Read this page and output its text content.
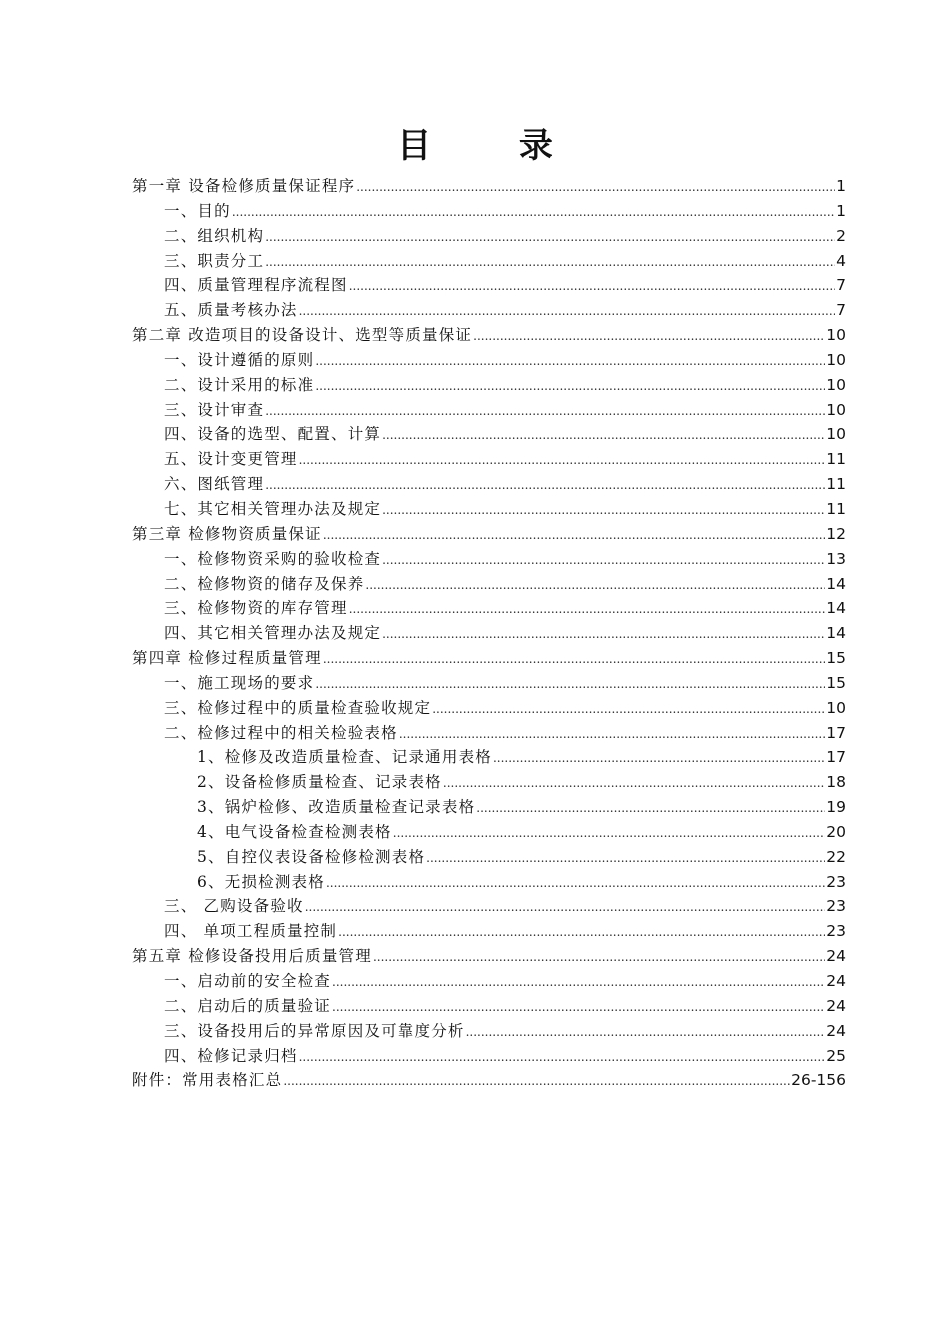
目 录
第一章 设备检修质量保证程序 .....	1
一、目的 .....	1
二、组织机构 .....	2
三、职责分工 .....	4
四、质量管理程序流程图 .....	7
五、质量考核办法 .....	7
第二章 改造项目的设备设计、选型等质量保证 .....	10
一、设计遵循的原则 .....	10
二、设计采用的标准 .....	10
三、设计审查 .....	10
四、设备的选型、配置、计算 .....	10
五、设计变更管理 .....	11
六、图纸管理 .....	11
七、其它相关管理办法及规定 .....	11
第三章 检修物资质量保证 .....	12
一、检修物资采购的验收检查 .....	13
二、检修物资的储存及保养 .....	14
三、检修物资的库存管理 .....	14
四、其它相关管理办法及规定 .....	14
第四章 检修过程质量管理 .....	15
一、施工现场的要求 .....	15
三、检修过程中的质量检查验收规定 .....	10
二、检修过程中的相关检验表格 .....	17
1、检修及改造质量检查、记录通用表格 .....	17
2、设备检修质量检查、记录表格 .....	18
3、锅炉检修、改造质量检查记录表格 .....	19
4、电气设备检查检测表格 .....	20
5、自控仪表设备检修检测表格 .....	22
6、无损检测表格 .....	23
三、 乙购设备验收 .....	23
四、 单项工程质量控制 .....	23
第五章 检修设备投用后质量管理 .....	24
一、启动前的安全检查 .....	24
二、启动后的质量验证 .....	24
三、设备投用后的异常原因及可靠度分析 .....	24
四、检修记录归档 .....	25
附件：常用表格汇总 .....	26-156
